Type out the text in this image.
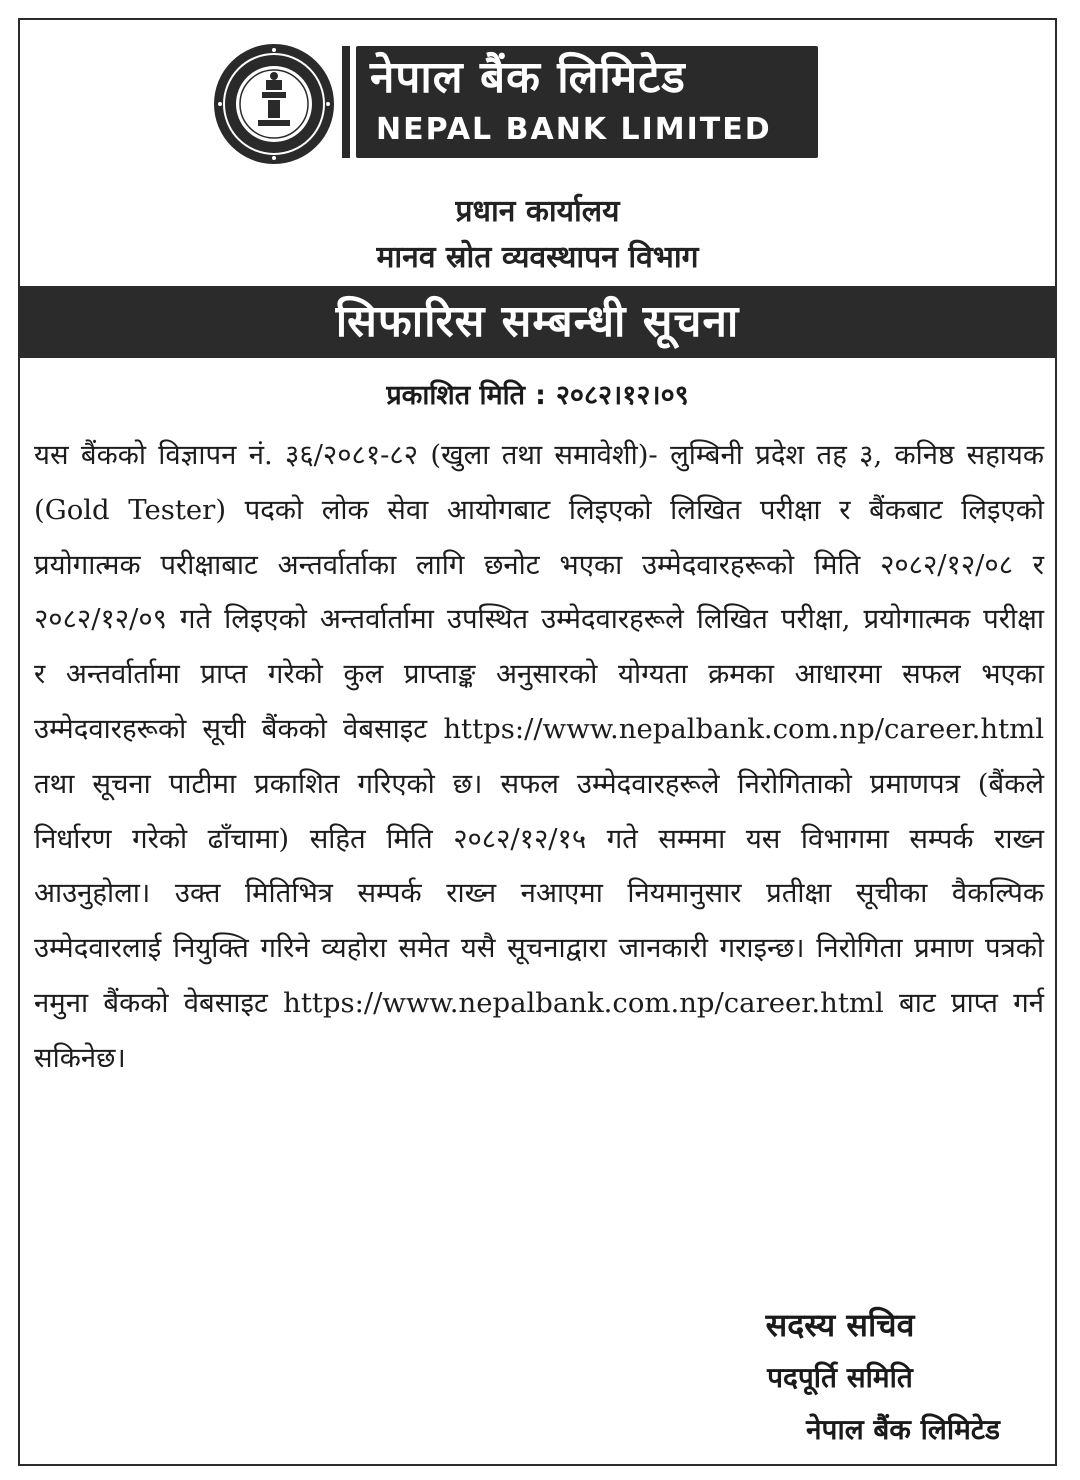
नेपाल बैंक लिमिटेड
NEPAL BANK LIMITED
प्रधान कार्यालय
मानव स्रोत व्यवस्थापन विभाग
सिफारिस सम्बन्धी सूचना
प्रकाशित मिति : २०८२।१२।०९
यस बैंकको विज्ञापन नं. ३६/२०८१-८२ (खुला तथा समावेशी)- लुम्बिनी प्रदेश तह ३, कनिष्ठ सहायक (Gold Tester) पदको लोक सेवा आयोगबाट लिइएको लिखित परीक्षा र बैंकबाट लिइएको प्रयोगात्मक परीक्षाबाट अन्तर्वार्ताका लागि छनोट भएका उम्मेदवारहरूको मिति २०८२/१२/०८ र २०८२/१२/०९ गते लिइएको अन्तर्वार्तामा उपस्थित उम्मेदवारहरूले लिखित परीक्षा, प्रयोगात्मक परीक्षा र अन्तर्वार्तामा प्राप्त गरेको कुल प्राप्ताङ्क अनुसारको योग्यता क्रमका आधारमा सफल भएका उम्मेदवारहरूको सूची बैंकको वेबसाइट https://www.nepalbank.com.np/career.html तथा सूचना पाटीमा प्रकाशित गरिएको छ। सफल उम्मेदवारहरूले निरोगिताको प्रमाणपत्र (बैंकले निर्धारण गरेको ढाँचामा) सहित मिति २०८२/१२/१५ गते सम्ममा यस विभागमा सम्पर्क राख्न आउनुहोला। उक्त मितिभित्र सम्पर्क राख्न नआएमा नियमानुसार प्रतीक्षा सूचीका वैकल्पिक उम्मेदवारलाई नियुक्ति गरिने व्यहोरा समेत यसै सूचनाद्वारा जानकारी गराइन्छ। निरोगिता प्रमाण पत्रको नमुना बैंकको वेबसाइट https://www.nepalbank.com.np/career.html बाट प्राप्त गर्न सकिनेछ।
सदस्य सचिव
पदपूर्ति समिति
नेपाल बैंक लिमिटेड
